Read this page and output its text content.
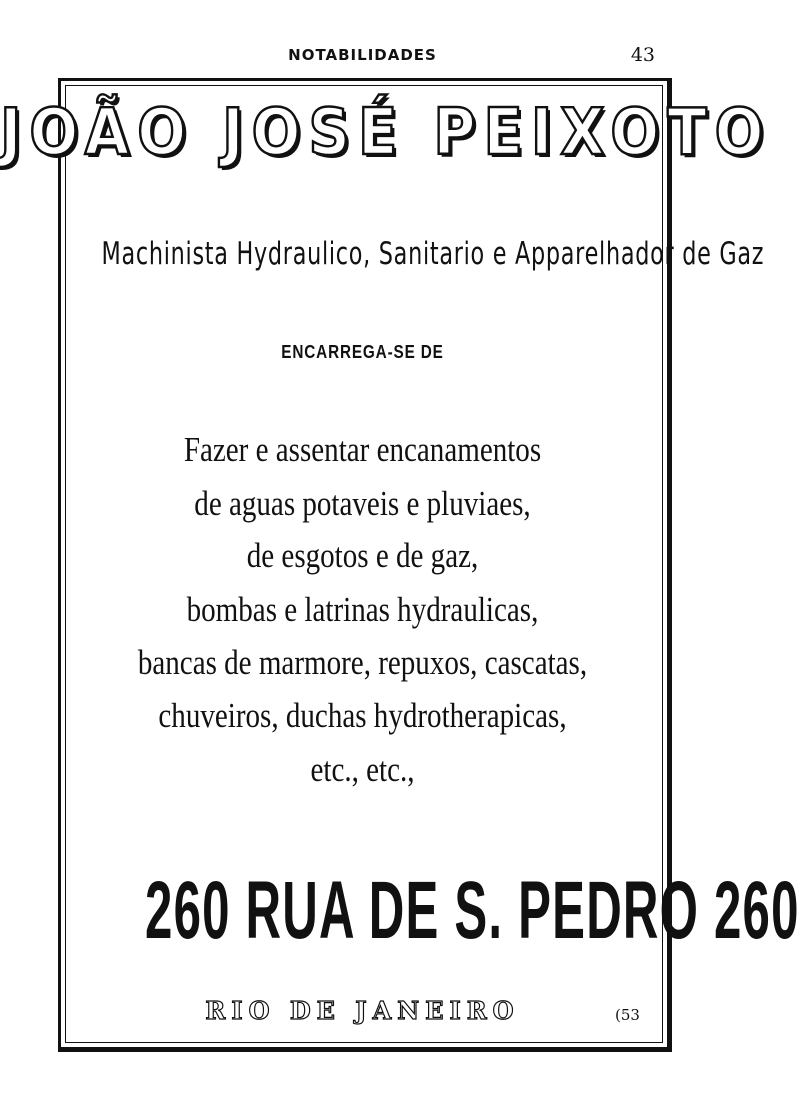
NOTABILIDADES	43
JOÃO JOSÉ PEIXOTO
Machinista Hydraulico, Sanitario e Apparelhador de Gaz
ENCARREGA-SE DE
Fazer e assentar encanamentos
de aguas potaveis e pluviaes,
de esgotos e de gaz,
bombas e latrinas hydraulicas,
bancas de marmore, repuxos, cascatas,
chuveiros, duchas hydrotherapicas,
etc., etc.,
260 RUA DE S. PEDRO 260
RIO DE JANEIRO	(53
